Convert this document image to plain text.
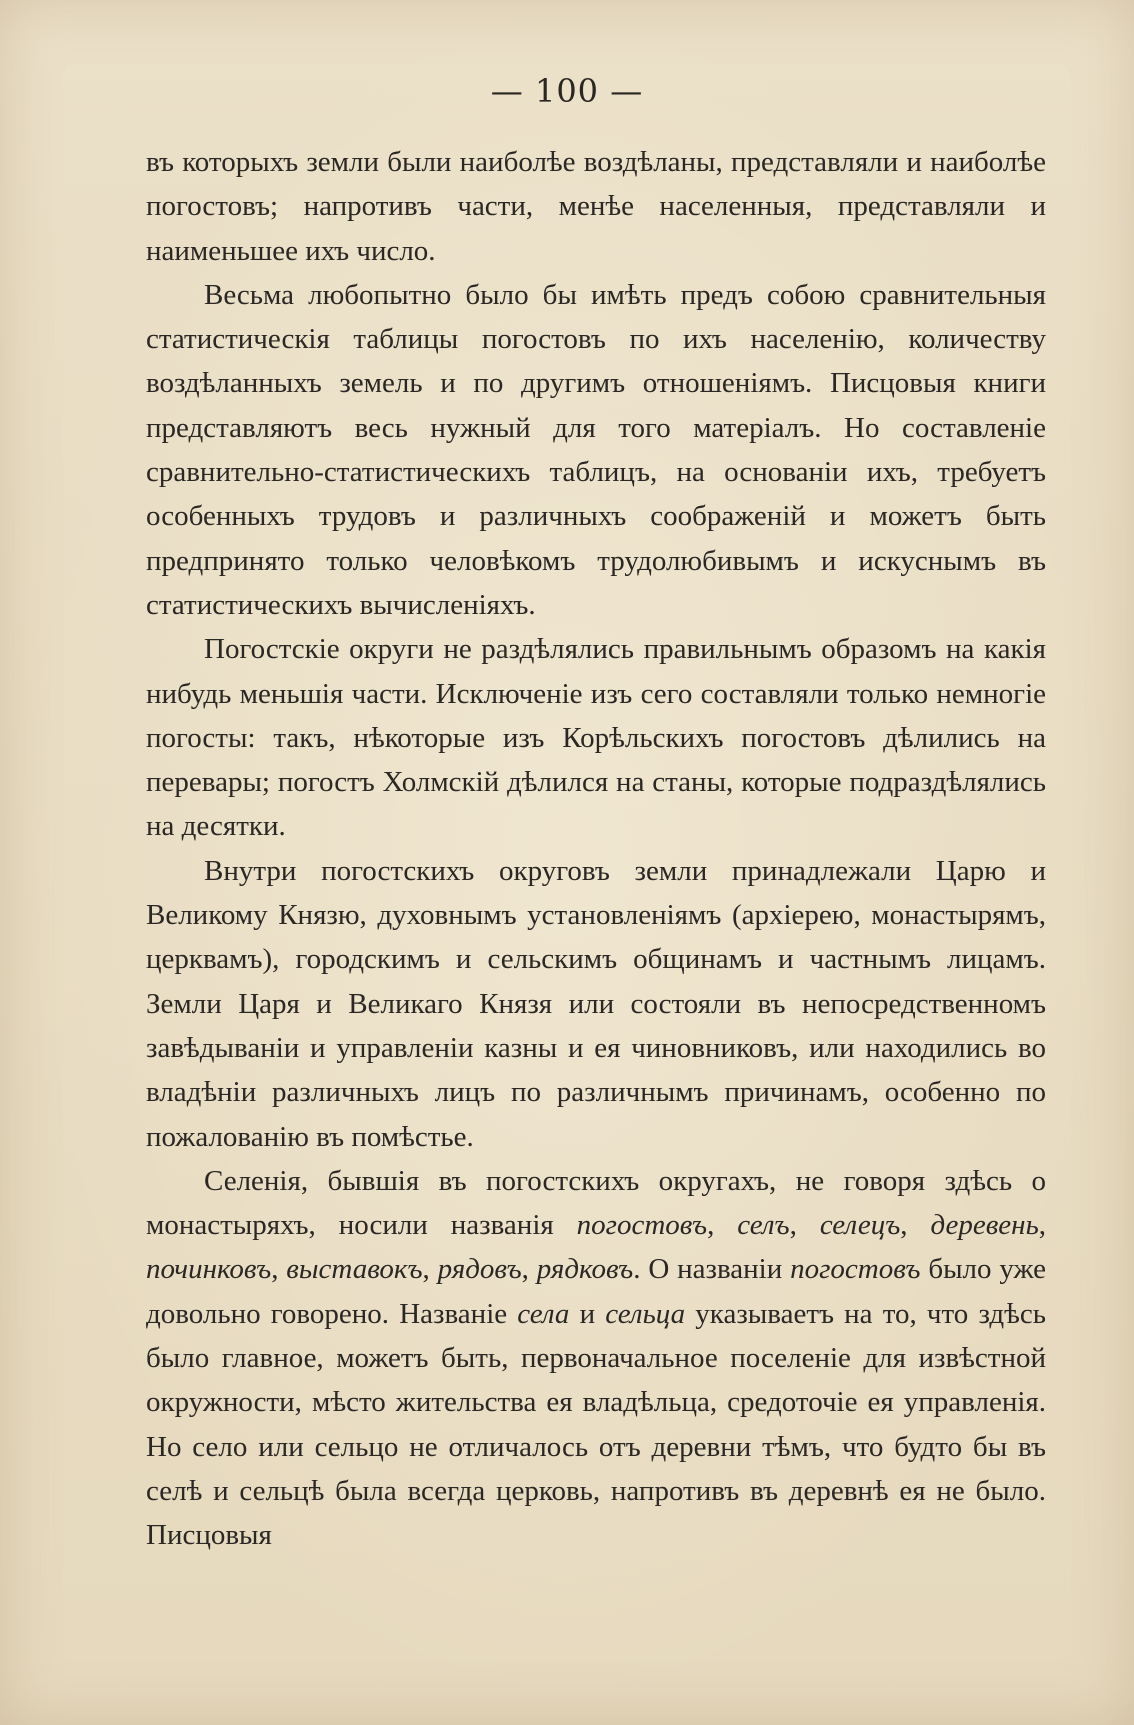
— 100 —

въ которыхъ земли были наиболѣе воздѣланы, представляли и наиболѣе погостовъ; напротивъ части, менѣе населенныя, представляли и наименьшее ихъ число.

Весьма любопытно было бы имѣть предъ собою сравнительныя статистическія таблицы погостовъ по ихъ населенію, количеству воздѣланныхъ земель и по другимъ отношеніямъ. Писцовыя книги представляютъ весь нужный для того матеріалъ. Но составленіе сравнительно-статистическихъ таблицъ, на основаніи ихъ, требуетъ особенныхъ трудовъ и различныхъ соображеній и можетъ быть предпринято только человѣкомъ трудолюбивымъ и искуснымъ въ статистическихъ вычисленіяхъ.

Погостскіе округи не раздѣлялись правильнымъ образомъ на какія нибудь меньшія части. Исключеніе изъ сего составляли только немногіе погосты: такъ, нѣкоторые изъ Корѣльскихъ погостовъ дѣлились на перевары; погостъ Холмскій дѣлился на станы, которые подраздѣлялись на десятки.

Внутри погостскихъ округовъ земли принадлежали Царю и Великому Князю, духовнымъ установленіямъ (архіерею, монастырямъ, церквамъ), городскимъ и сельскимъ общинамъ и частнымъ лицамъ. Земли Царя и Великаго Князя или состояли въ непосредственномъ завѣдываніи и управленіи казны и ея чиновниковъ, или находились во владѣніи различныхъ лицъ по различнымъ причинамъ, особенно по пожалованію въ помѣстье.

Селенія, бывшія въ погостскихъ округахъ, не говоря здѣсь о монастыряхъ, носили названія погостовъ, селъ, селецъ, деревень, починковъ, выставокъ, рядовъ, рядковъ. О названіи погостовъ было уже довольно говорено. Названіе села и сельца указываетъ на то, что здѣсь было главное, можетъ быть, первоначальное поселеніе для извѣстной окружности, мѣсто жительства ея владѣльца, средоточіе ея управленія. Но село или сельцо не отличалось отъ деревни тѣмъ, что будто бы въ селѣ и сельцѣ была всегда церковь, напротивъ въ деревнѣ ея не было. Писцовыя
